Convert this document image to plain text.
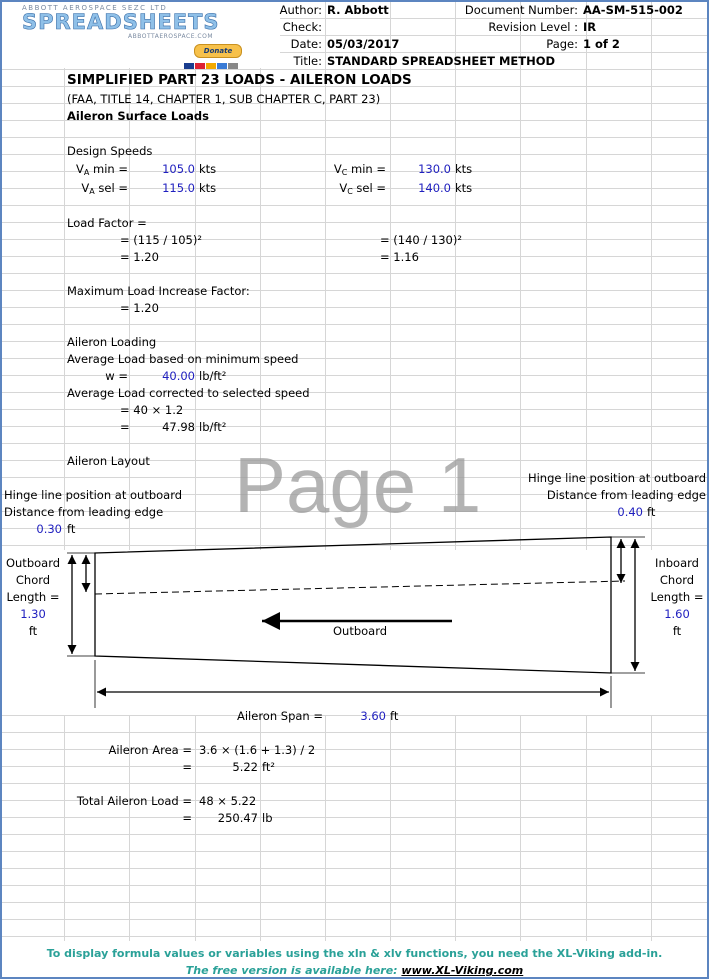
ABBOTT AEROSPACE SEZC LTD
SPREADSHEETS
ABBOTTAEROSPACE.COM
Donate
Author: R. Abbott
Check:
Date: 05/03/2017
Title: STANDARD SPREADSHEET METHOD
Document Number: AA-SM-515-002
Revision Level : IR
Page: 1 of 2
SIMPLIFIED PART 23 LOADS - AILERON LOADS
(FAA, TITLE 14, CHAPTER 1, SUB CHAPTER C, PART 23)
Aileron Surface Loads
Design Speeds
$V_A$ min =	105.0 kts
$V_A$ sel =	115.0 kts
$V_C$ min =	130.0 kts
$V_C$ sel =	140.0 kts
Load Factor =
= (115 / 105)²
= 1.20
= (140 / 130)²
= 1.16
Maximum Load Increase Factor:
= 1.20
Aileron Loading
Average Load based on minimum speed
w =	40.00 lb/ft²
Average Load corrected to selected speed
= 40 × 1.2
=	47.98 lb/ft²
Aileron Layout Page 1
Hinge line position at outboard
Distance from leading edge
0.30 ft
Hinge line position at outboard
Distance from leading edge
0.40 ft
Outboard
Chord
Length =
1.30
ft
Inboard
Chord
Length =
1.60
ft
Outboard
Aileron Span =	3.60 ft
Aileron Area = 3.6 × (1.6 + 1.3) / 2
=	5.22 ft²
Total Aileron Load = 48 × 5.22
=	250.47 lb
To display formula values or variables using the xln & xlv functions, you need the XL-Viking add-in.
The free version is available here: www.XL-Viking.com
